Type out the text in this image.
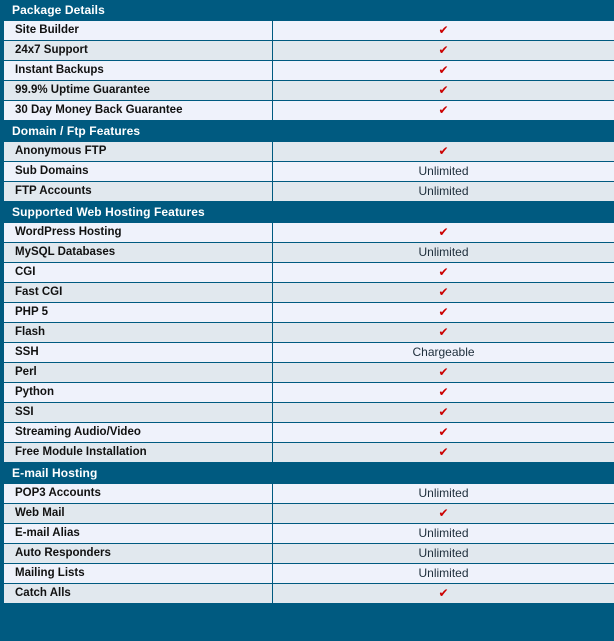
Package Details	
Site Builder	✔
24x7 Support	✔
Instant Backups	✔
99.9% Uptime Guarantee	✔
30 Day Money Back Guarantee	✔
Domain / Ftp Features	
Anonymous FTP	✔
Sub Domains	Unlimited
FTP Accounts	Unlimited
Supported Web Hosting Features	
WordPress Hosting	✔
MySQL Databases	Unlimited
CGI	✔
Fast CGI	✔
PHP 5	✔
Flash	✔
SSH	Chargeable
Perl	✔
Python	✔
SSI	✔
Streaming Audio/Video	✔
Free Module Installation	✔
E-mail Hosting	
POP3 Accounts	Unlimited
Web Mail	✔
E-mail Alias	Unlimited
Auto Responders	Unlimited
Mailing Lists	Unlimited
Catch Alls	✔
